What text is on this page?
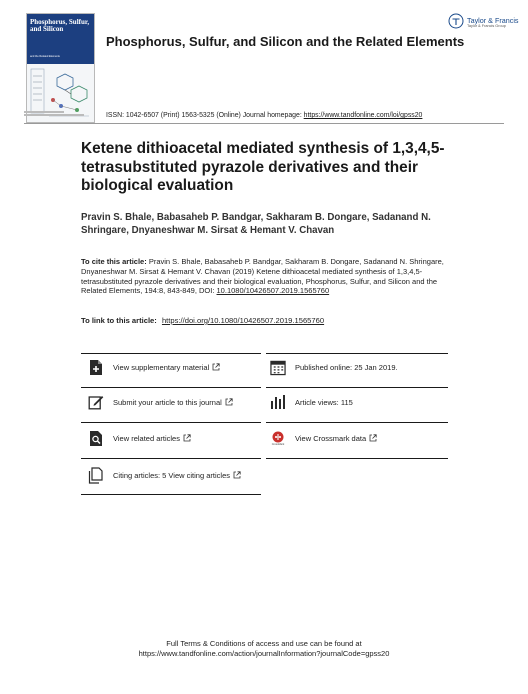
Phosphorus, Sulfur, and Silicon
and the Related Elements
Taylor & Francis
Taylor & Francis Group
Phosphorus, Sulfur, and Silicon and the Related Elements
ISSN: 1042-6507 (Print) 1563-5325 (Online) Journal homepage: https://www.tandfonline.com/loi/gpss20
Ketene dithioacetal mediated synthesis of 1,3,4,5-tetrasubstituted pyrazole derivatives and their biological evaluation
Pravin S. Bhale, Babasaheb P. Bandgar, Sakharam B. Dongare, Sadanand N. Shringare, Dnyaneshwar M. Sirsat & Hemant V. Chavan
To cite this article: Pravin S. Bhale, Babasaheb P. Bandgar, Sakharam B. Dongare, Sadanand N. Shringare, Dnyaneshwar M. Sirsat & Hemant V. Chavan (2019) Ketene dithioacetal mediated synthesis of 1,3,4,5-tetrasubstituted pyrazole derivatives and their biological evaluation, Phosphorus, Sulfur, and Silicon and the Related Elements, 194:8, 843-849, DOI: 10.1080/10426507.2019.1565760
To link to this article: https://doi.org/10.1080/10426507.2019.1565760
View supplementary material	Published online: 25 Jan 2019.
Submit your article to this journal	Article views: 115
View related articles
CrossMark
View Crossmark data
Citing articles: 5 View citing articles
Full Terms & Conditions of access and use can be found at
https://www.tandfonline.com/action/journalInformation?journalCode=gpss20
